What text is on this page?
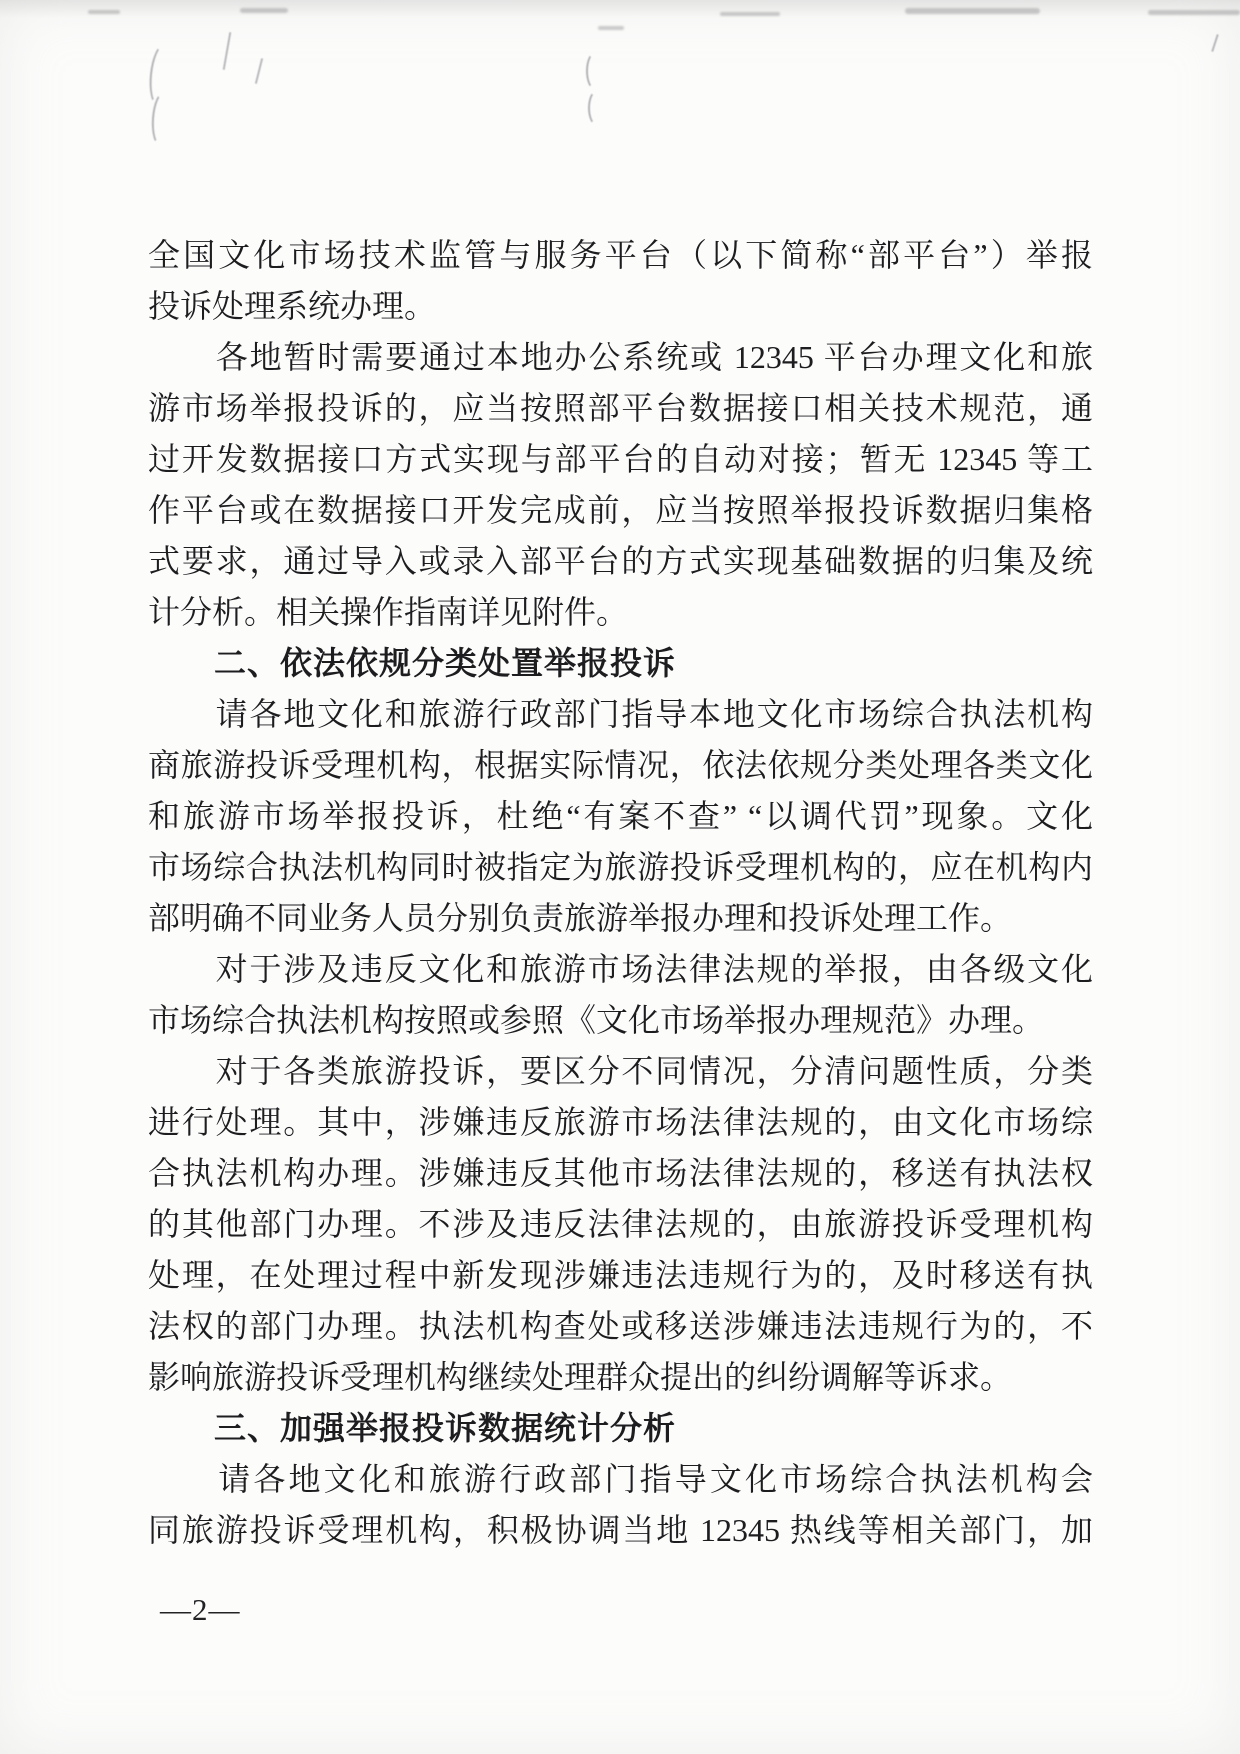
全国文化市场技术监管与服务平台（以下简称“部平台”）举报
投诉处理系统办理。
　　各地暂时需要通过本地办公系统或 12345 平台办理文化和旅
游市场举报投诉的，应当按照部平台数据接口相关技术规范，通
过开发数据接口方式实现与部平台的自动对接；暂无 12345 等工
作平台或在数据接口开发完成前，应当按照举报投诉数据归集格
式要求，通过导入或录入部平台的方式实现基础数据的归集及统
计分析。相关操作指南详见附件。
　　二、依法依规分类处置举报投诉
　　请各地文化和旅游行政部门指导本地文化市场综合执法机构
商旅游投诉受理机构，根据实际情况，依法依规分类处理各类文化
和旅游市场举报投诉，杜绝“有案不查” “以调代罚”现象。文化
市场综合执法机构同时被指定为旅游投诉受理机构的，应在机构内
部明确不同业务人员分别负责旅游举报办理和投诉处理工作。
　　对于涉及违反文化和旅游市场法律法规的举报，由各级文化
市场综合执法机构按照或参照《文化市场举报办理规范》办理。
　　对于各类旅游投诉，要区分不同情况，分清问题性质，分类
进行处理。其中，涉嫌违反旅游市场法律法规的，由文化市场综
合执法机构办理。涉嫌违反其他市场法律法规的，移送有执法权
的其他部门办理。不涉及违反法律法规的，由旅游投诉受理机构
处理，在处理过程中新发现涉嫌违法违规行为的，及时移送有执
法权的部门办理。执法机构查处或移送涉嫌违法违规行为的，不
影响旅游投诉受理机构继续处理群众提出的纠纷调解等诉求。
　　三、加强举报投诉数据统计分析
　　请各地文化和旅游行政部门指导文化市场综合执法机构会
同旅游投诉受理机构，积极协调当地 12345 热线等相关部门，加
—2—
